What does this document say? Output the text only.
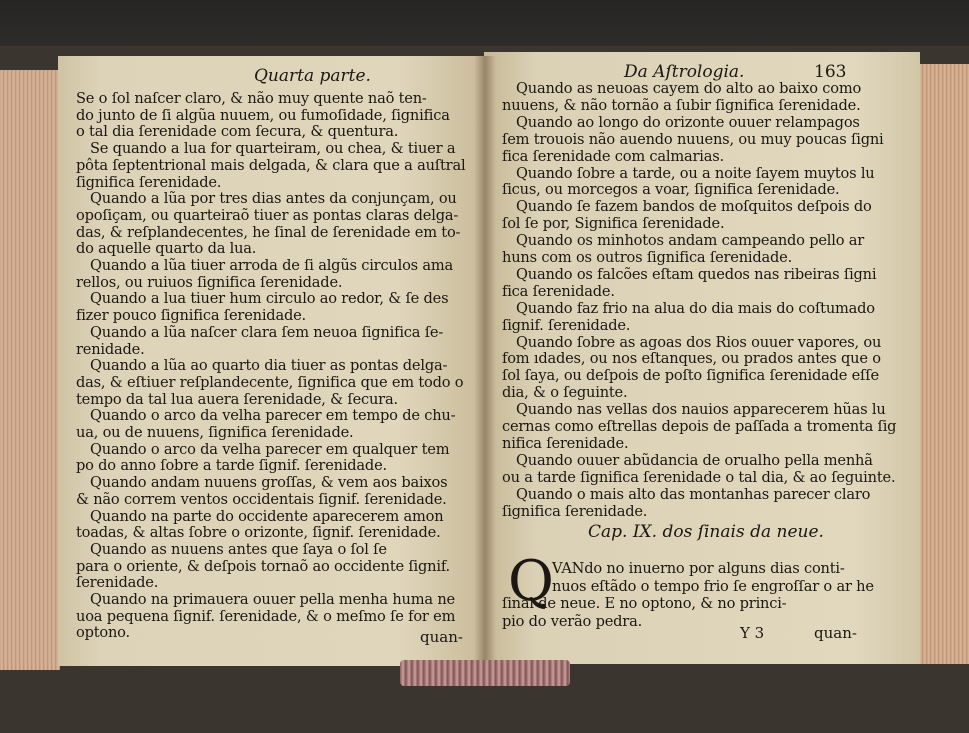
Quarta parte.
Se o ſol naſcer claro, & não muy quente naõ ten-
do junto de ſi algũa nuuem, ou fumoſidade, ſignifica
o tal dia ſerenidade com ſecura, & quentura.
Se quando a lua for quarteiram, ou chea, & tiuer a
pôta ſeptentrional mais delgada, & clara que a auſtral
ſignifica ſerenidade.
Quando a lũa por tres dias antes da conjunçam, ou
opoſiçam, ou quarteiraõ tiuer as pontas claras delga-
das, & reſplandecentes, he ſinal de ſerenidade em to-
do aquelle quarto da lua.
Quando a lũa tiuer arroda de ſi algũs circulos ama
rellos, ou ruiuos ſignifica ſerenidade.
Quando a lua tiuer hum circulo ao redor, & ſe des
fizer pouco ſignifica ſerenidade.
Quando a lũa naſcer clara ſem neuoa ſignifica ſe-
renidade.
Quando a lũa ao quarto dia tiuer as pontas delga-
das, & eſtiuer reſplandecente, ſignifica que em todo o
tempo da tal lua auera ſerenidade, & ſecura.
Quando o arco da velha parecer em tempo de chu-
ua, ou de nuuens, ſignifica ſerenidade.
Quando o arco da velha parecer em qualquer tem
po do anno ſobre a tarde ſignif. ſerenidade.
Quando andam nuuens groſſas, & vem aos baixos
& não correm ventos occidentais ſignif. ſerenidade.
Quando na parte do occidente aparecerem amon
toadas, & altas ſobre o orizonte, ſignif. ſerenidade.
Quando as nuuens antes que ſaya o ſol ſe
para o oriente, & deſpois tornaõ ao occidente ſignif.
ſerenidade.
Quando na primauera ouuer pella menha huma ne
uoa pequena ſignif. ſerenidade, & o meſmo ſe for em
optono.	quan-
Da Aſtrologia.	163
Quando as neuoas cayem do alto ao baixo como
nuuens, & não tornão a ſubir ſignifica ſerenidade.
Quando ao longo do orizonte ouuer relampagos
ſem trouois não auendo nuuens, ou muy poucas ſigni
fica ſerenidade com calmarias.
Quando ſobre a tarde, ou a noite ſayem muytos lu
ſicus, ou morcegos a voar, ſignifica ſerenidade.
Quando ſe fazem bandos de moſquitos deſpois do
ſol ſe por, Significa ſerenidade.
Quando os minhotos andam campeando pello ar
huns com os outros ſignifica ſerenidade.
Quando os falcões eſtam quedos nas ribeiras ſigni
fica ſerenidade.
Quando faz frio na alua do dia mais do coſtumado
ſignif. ſerenidade.
Quando ſobre as agoas dos Rios ouuer vapores, ou
fom ıdades, ou nos eſtanques, ou prados antes que o
ſol ſaya, ou deſpois de poſto ſignifica ſerenidade eſſe
dia, & o ſeguinte.
Quando nas vellas dos nauios apparecerem hũas lu
cernas como eſtrellas depois de paſſada a tromenta ſig
nifica ſerenidade.
Quando ouuer abũdancia de orualho pella menhã
ou a tarde ſignifica ſerenidade o tal dia, & ao ſeguinte.
Quando o mais alto das montanhas parecer claro
ſignifica ſerenidade.
Cap. IX. dos ſinais da neue.
Q
VANdo no inuerno por alguns dias conti-
nuos eſtãdo o tempo frio ſe engroſſar o ar he
ſinal de neue. E no optono, & no princi-
pio do verão pedra.
Y 3	quan-
